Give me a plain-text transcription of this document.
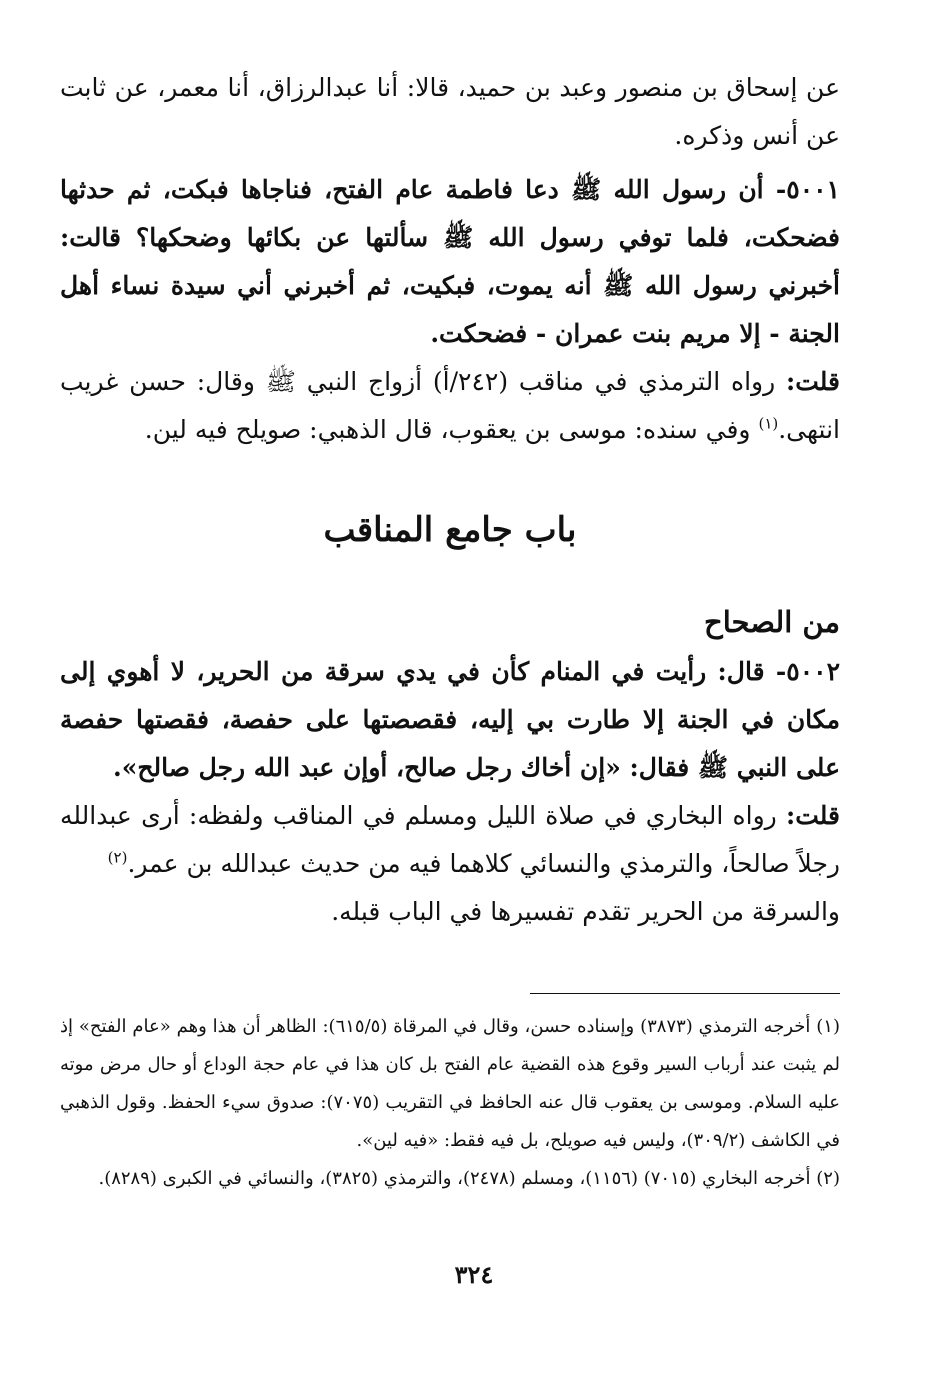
عن إسحاق بن منصور وعبد بن حميد، قالا: أنا عبدالرزاق، أنا معمر، عن ثابت عن أنس وذكره.

٥٠٠١- أن رسول الله ﷺ دعا فاطمة عام الفتح، فناجاها فبكت، ثم حدثها فضحكت، فلما توفي رسول الله ﷺ سألتها عن بكائها وضحكها؟ قالت: أخبرني رسول الله ﷺ أنه يموت، فبكيت، ثم أخبرني أني سيدة نساء أهل الجنة - إلا مريم بنت عمران - فضحكت.

قلت: رواه الترمذي في مناقب (٢٤٢/أ) أزواج النبي ﷺ وقال: حسن غريب انتهى.$^{(١)}$ وفي سنده: موسى بن يعقوب، قال الذهبي: صويلح فيه لين.

باب جامع المناقب
من الصحاح

٥٠٠٢- قال: رأيت في المنام كأن في يدي سرقة من الحرير، لا أهوي إلى مكان في الجنة إلا طارت بي إليه، فقصصتها على حفصة، فقصتها حفصة على النبي ﷺ فقال: «إن أخاك رجل صالح، أوإن عبد الله رجل صالح».

قلت: رواه البخاري في صلاة الليل ومسلم في المناقب ولفظه: أرى عبدالله رجلاً صالحاً، والترمذي والنسائي كلاهما فيه من حديث عبدالله بن عمر.$^{(٢)}$

والسرقة من الحرير تقدم تفسيرها في الباب قبله.

(١) أخرجه الترمذي (٣٨٧٣) وإسناده حسن، وقال في المرقاة (٦١٥/٥): الظاهر أن هذا وهم «عام الفتح» إذ لم يثبت عند أرباب السير وقوع هذه القضية عام الفتح بل كان هذا في عام حجة الوداع أو حال مرض موته عليه السلام. وموسى بن يعقوب قال عنه الحافظ في التقريب (٧٠٧٥): صدوق سيء الحفظ. وقول الذهبي في الكاشف (٣٠٩/٢)، وليس فيه صويلح، بل فيه فقط: «فيه لين».

(٢) أخرجه البخاري (٧٠١٥) (١١٥٦)، ومسلم (٢٤٧٨)، والترمذي (٣٨٢٥)، والنسائي في الكبرى (٨٢٨٩).

٣٢٤
